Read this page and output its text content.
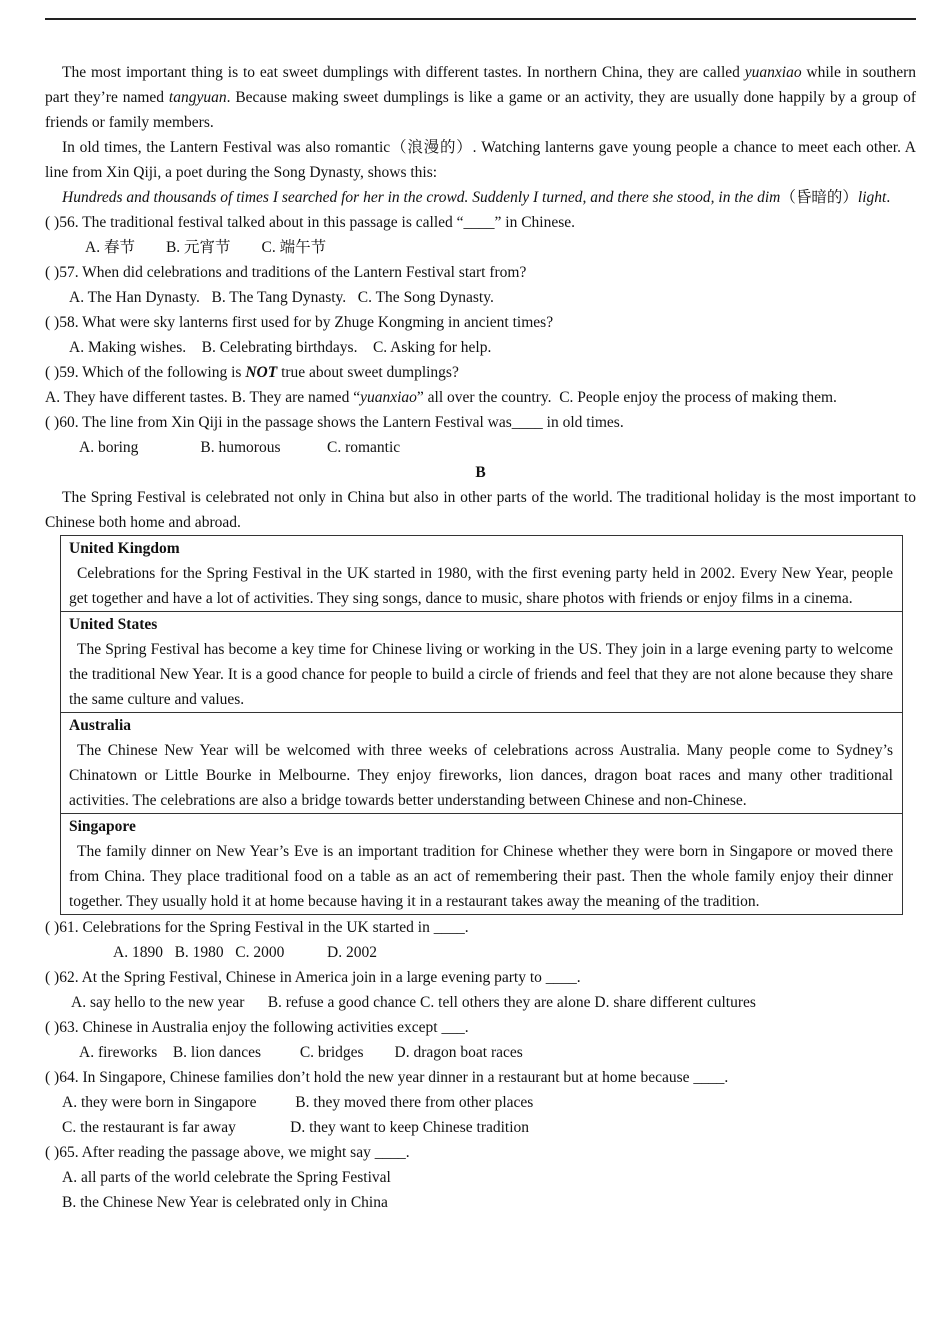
The most important thing is to eat sweet dumplings with different tastes. In northern China, they are called yuanxiao while in southern part they’re named tangyuan. Because making sweet dumplings is like a game or an activity, they are usually done happily by a group of friends or family members.

In old times, the Lantern Festival was also romantic（浪漫的）. Watching lanterns gave young people a chance to meet each other. A line from Xin Qiji, a poet during the Song Dynasty, shows this:

Hundreds and thousands of times I searched for her in the crowd. Suddenly I turned, and there she stood, in the dim（昏暗的）light.

( )56. The traditional festival talked about in this passage is called “____” in Chinese.
A. 春节        B. 元宵节        C. 端午节
( )57. When did celebrations and traditions of the Lantern Festival start from?
A. The Han Dynasty.   B. The Tang Dynasty.   C. The Song Dynasty.
( )58. What were sky lanterns first used for by Zhuge Kongming in ancient times?
A. Making wishes.    B. Celebrating birthdays.    C. Asking for help.
( )59. Which of the following is NOT true about sweet dumplings?
A. They have different tastes. B. They are named “yuanxiao” all over the country.  C. People enjoy the process of making them.
( )60. The line from Xin Qiji in the passage shows the Lantern Festival was____ in old times.
A. boring                B. humorous            C. romantic
B

The Spring Festival is celebrated not only in China but also in other parts of the world. The traditional holiday is the most important to Chinese both home and abroad.

United Kingdom

Celebrations for the Spring Festival in the UK started in 1980, with the first evening party held in 2002. Every New Year, people get together and have a lot of activities. They sing songs, dance to music, share photos with friends or enjoy films in a cinema.

United States

The Spring Festival has become a key time for Chinese living or working in the US. They join in a large evening party to welcome the traditional New Year. It is a good chance for people to build a circle of friends and feel that they are not alone because they share the same culture and values.

Australia

The Chinese New Year will be welcomed with three weeks of celebrations across Australia. Many people come to Sydney’s Chinatown or Little Bourke in Melbourne. They enjoy fireworks, lion dances, dragon boat races and many other traditional activities. The celebrations are also a bridge towards better understanding between Chinese and non-Chinese.

Singapore

The family dinner on New Year’s Eve is an important tradition for Chinese whether they were born in Singapore or moved there from China. They place traditional food on a table as an act of remembering their past. Then the whole family enjoy their dinner together. They usually hold it at home because having it in a restaurant takes away the meaning of the tradition.

( )61. Celebrations for the Spring Festival in the UK started in ____.
A. 1890   B. 1980   C. 2000           D. 2002
( )62. At the Spring Festival, Chinese in America join in a large evening party to ____.
A. say hello to the new year      B. refuse a good chance C. tell others they are alone D. share different cultures
( )63. Chinese in Australia enjoy the following activities except ___.
A. fireworks    B. lion dances          C. bridges        D. dragon boat races
( )64. In Singapore, Chinese families don’t hold the new year dinner in a restaurant but at home because ____.
A. they were born in Singapore          B. they moved there from other places
C. the restaurant is far away              D. they want to keep Chinese tradition
( )65. After reading the passage above, we might say ____.
A. all parts of the world celebrate the Spring Festival
B. the Chinese New Year is celebrated only in China
